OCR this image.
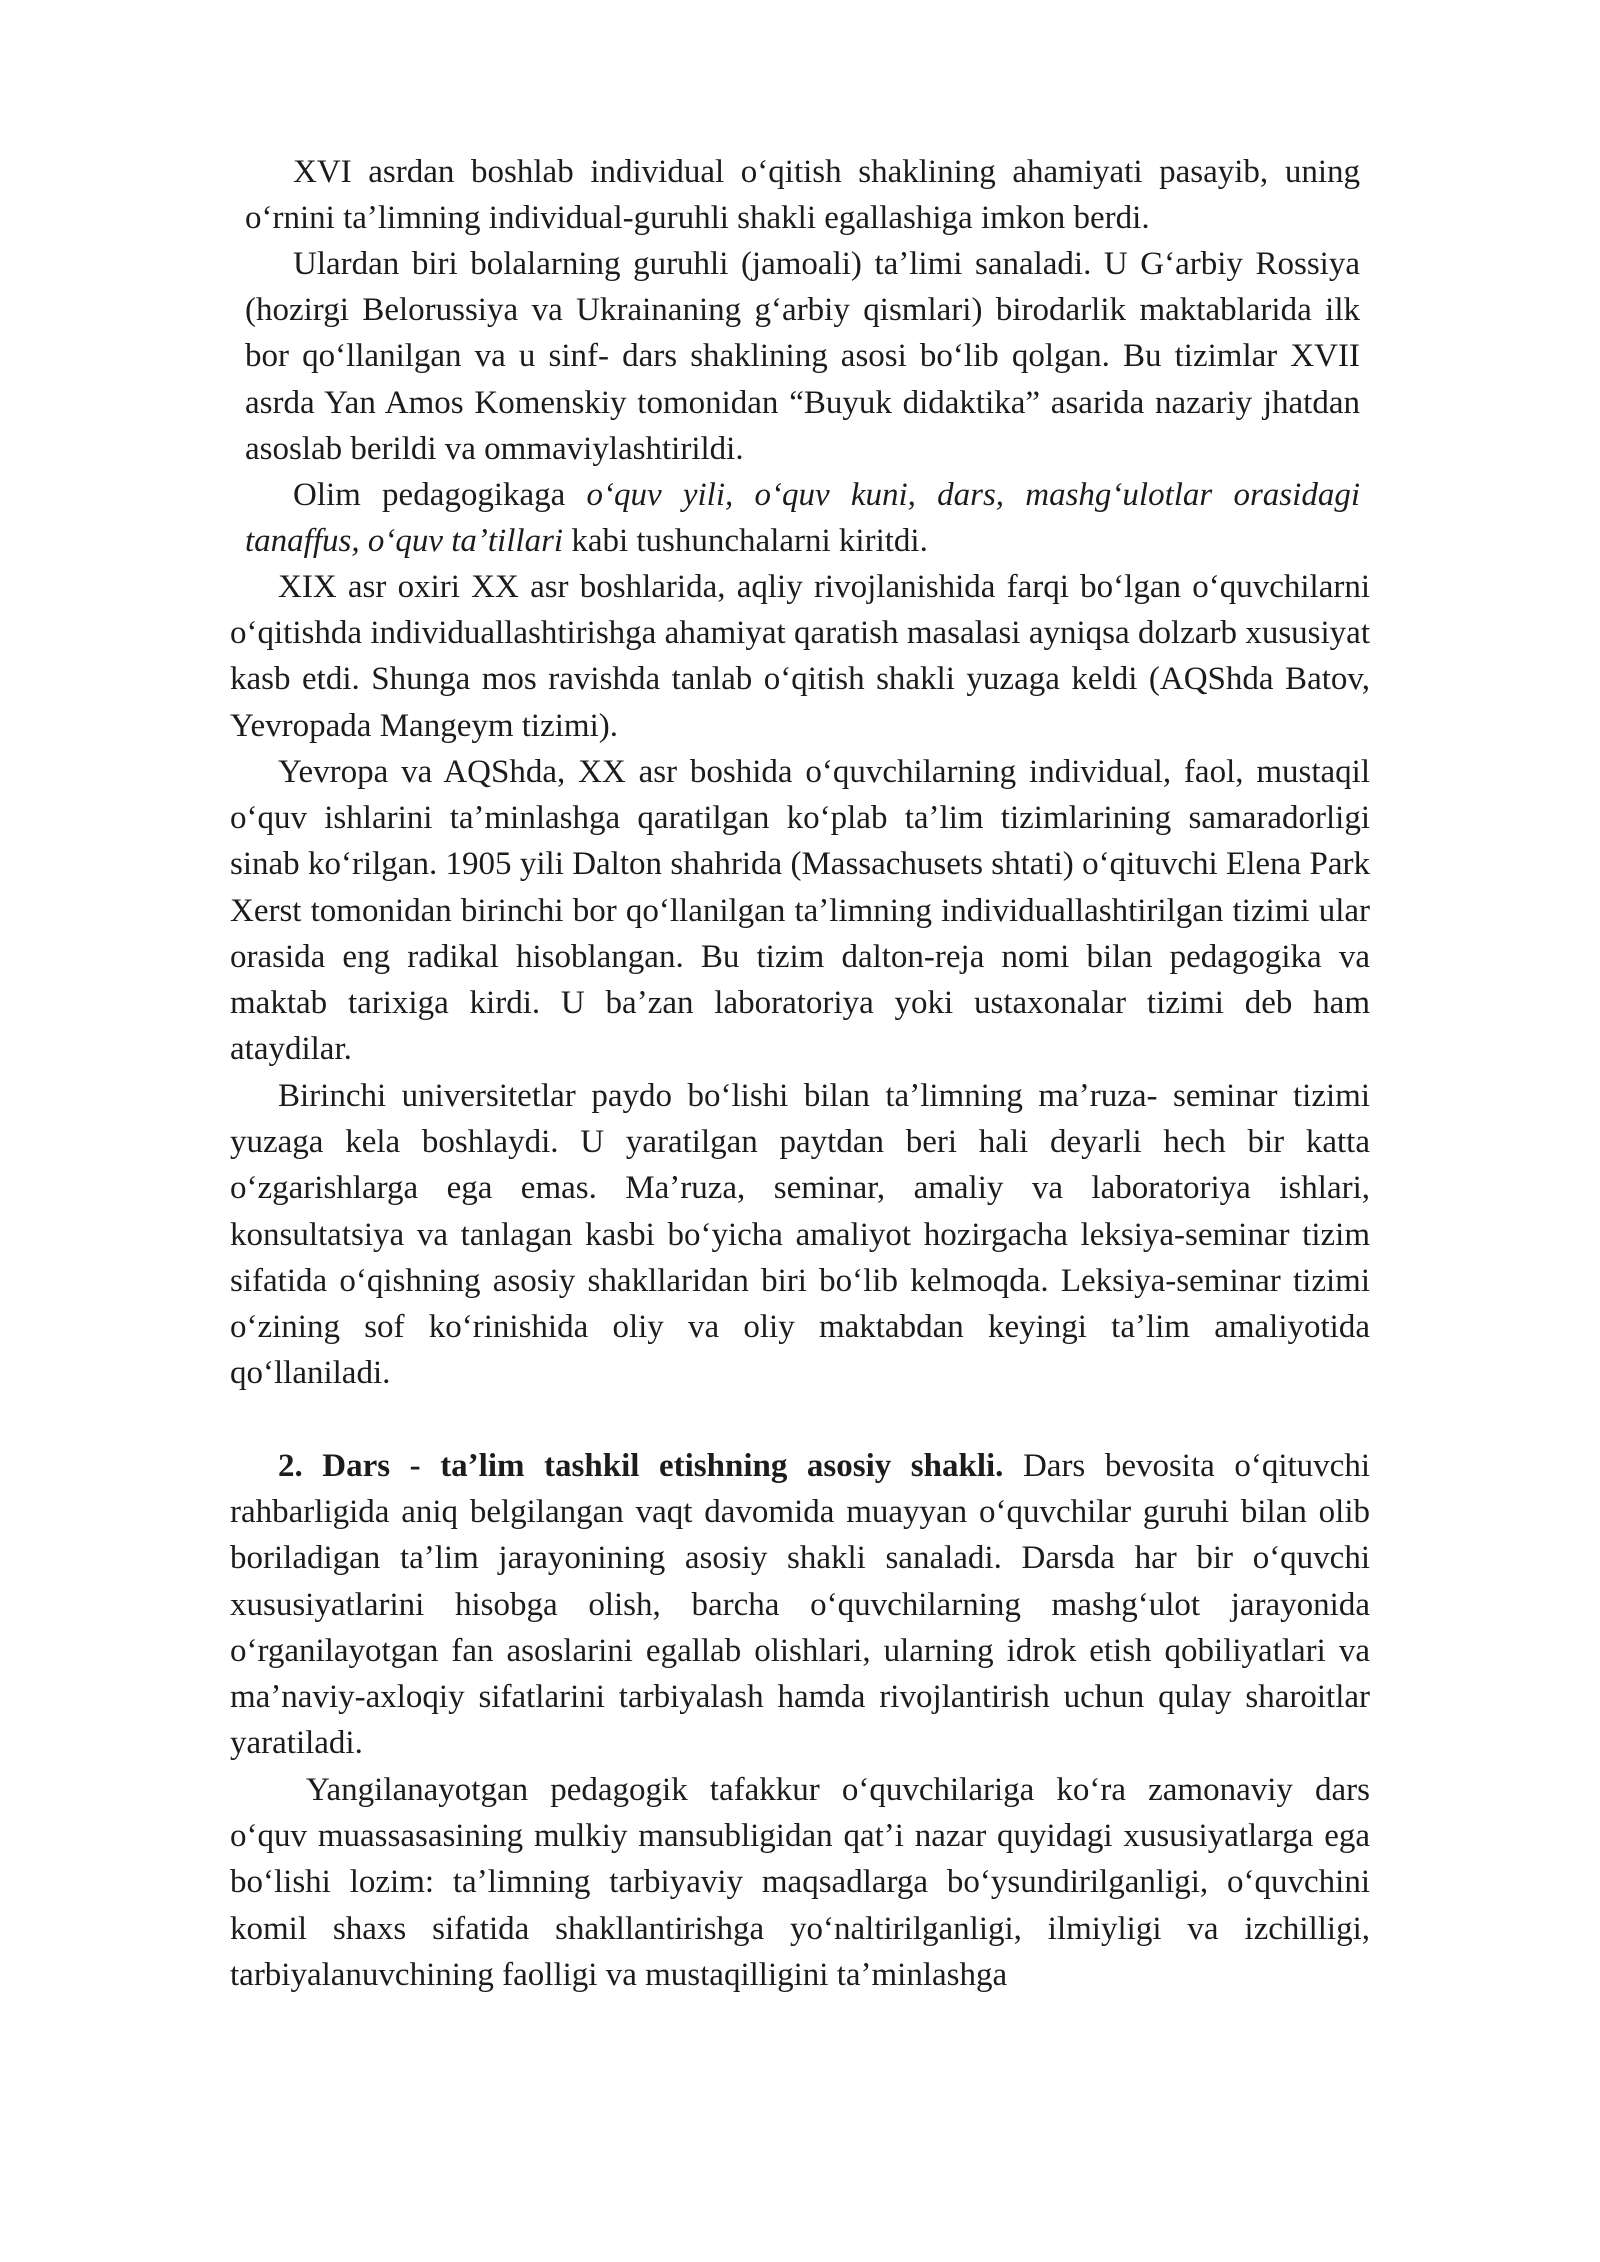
XVI asrdan boshlab individual oʻqitish shaklining ahamiyati pasayib, uning oʻrnini taʼlimning individual-guruhli shakli egallashiga imkon berdi.

Ulardan biri bolalarning guruhli (jamoali) taʼlimi sanaladi. U Gʻarbiy Rossiya (hozirgi Belorussiya va Ukrainaning gʻarbiy qismlari) birodarlik maktablarida ilk bor qoʻllanilgan va u sinf- dars shaklining asosi boʻlib qolgan. Bu tizimlar XVII asrda Yan Amos Komenskiy tomonidan “Buyuk didaktika” asarida nazariy jhatdan asoslab berildi va ommaviylashtirildi.

Olim pedagogikaga oʻquv yili, oʻquv kuni, dars, mashgʻulotlar orasidagi tanaffus, oʻquv taʼtillari kabi tushunchalarni kiritdi.

XIX asr oxiri XX asr boshlarida, aqliy rivojlanishida farqi boʻlgan oʻquvchilarni oʻqitishda individuallashtirishga ahamiyat qaratish masalasi ayniqsa dolzarb xususiyat kasb etdi. Shunga mos ravishda tanlab oʻqitish shakli yuzaga keldi (AQShda Batov, Yevropada Mangeym tizimi).

Yevropa va AQShda, XX asr boshida oʻquvchilarning individual, faol, mustaqil oʻquv ishlarini taʼminlashga qaratilgan koʻplab taʼlim tizimlarining samaradorligi sinab koʻrilgan. 1905 yili Dalton shahrida (Massachusets shtati) oʻqituvchi Elena Park Xerst tomonidan birinchi bor qoʻllanilgan taʼlimning individuallashtirilgan tizimi ular orasida eng radikal hisoblangan. Bu tizim dalton-reja nomi bilan pedagogika va maktab tarixiga kirdi. U baʼzan laboratoriya yoki ustaxonalar tizimi deb ham ataydilar.

Birinchi universitetlar paydo boʻlishi bilan taʼlimning maʼruza- seminar tizimi yuzaga kela boshlaydi. U yaratilgan paytdan beri hali deyarli hech bir katta oʻzgarishlarga ega emas. Maʼruza, seminar, amaliy va laboratoriya ishlari, konsultatsiya va tanlagan kasbi boʻyicha amaliyot hozirgacha leksiya-seminar tizim sifatida oʻqishning asosiy shakllaridan biri boʻlib kelmoqda. Leksiya-seminar tizimi oʻzining sof koʻrinishida oliy va oliy maktabdan keyingi taʼlim amaliyotida qoʻllaniladi.

2. Dars - taʼlim tashkil etishning asosiy shakli. Dars bevosita oʻqituvchi rahbarligida aniq belgilangan vaqt davomida muayyan oʻquvchilar guruhi bilan olib boriladigan taʼlim jarayonining asosiy shakli sanaladi. Darsda har bir oʻquvchi xususiyatlarini hisobga olish, barcha oʻquvchilarning mashgʻulot jarayonida oʻrganilayotgan fan asoslarini egallab olishlari, ularning idrok etish qobiliyatlari va maʼnaviy-axloqiy sifatlarini tarbiyalash hamda rivojlantirish uchun qulay sharoitlar yaratiladi.

Yangilanayotgan pedagogik tafakkur oʻquvchilariga koʻra zamonaviy dars oʻquv muassasasining mulkiy mansubligidan qatʼi nazar quyidagi xususiyatlarga ega boʻlishi lozim: taʼlimning tarbiyaviy maqsadlarga boʻysundirilganligi, oʻquvchini komil shaxs sifatida shakllantirishga yoʻnaltirilganligi, ilmiyligi va izchilligi, tarbiyalanuvchining faolligi va mustaqilligini taʼminlashga
